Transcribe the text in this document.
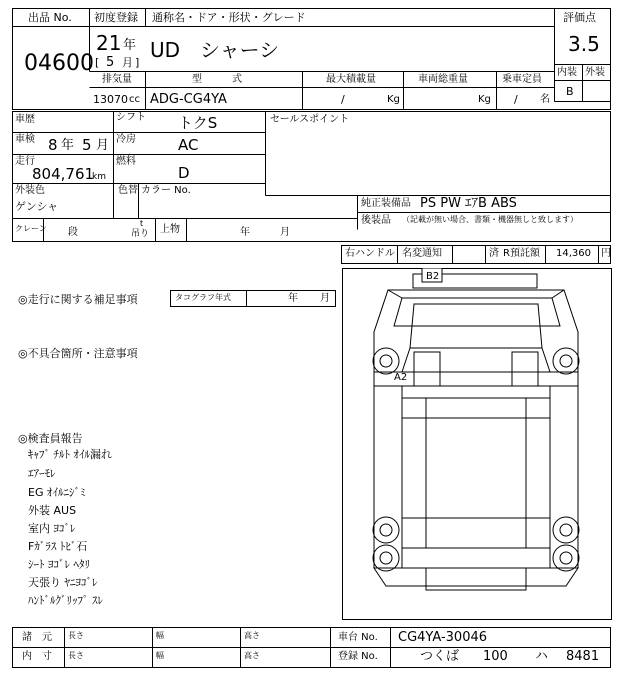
出品 No. 初度登録 通称名・ドア・形状・グレード	評価点
04600
21 年
[ 5 月 ]
UD　シャーシ	3.5
内装 外装
B
排気量	型　　　式	最大積載量	車両総重量	乗車定員
13070 cc ADG-CG4YA	/	Kg	Kg / 名
車歴	シフト トクS	セールスポイント
車検 8 年 5 月 冷房	AC
走行
804,761
km
燃料
D
外装色
ゲンシャ
色替 カラー No.
純正装備品 PS PW ｴｱB ABS
後装品 （記載が無い場合、書類・機器無しと致します）
クレーン 段
t
吊り 上物	年	月
右ハンドル 名変通知	済 R預託額 14,360 円
タコグラフ年式	年 月
◎走行に関する補足事項
◎不具合箇所・注意事項
◎検査員報告
ｷｬﾌﾞ ﾁﾙﾄ ｵｲﾙ漏れ
ｴｱｰﾓﾚ
EG ｵｲﾙﾆｼﾞﾐ
外装 AUS
室内 ﾖｺﾞﾚ
Fｶﾞﾗｽ ﾄﾋﾞ石
ｼｰﾄ ﾖｺﾞﾚ ﾍﾀﾘ
天張り ﾔﾆﾖｺﾞﾚ
ﾊﾝﾄﾞﾙｸﾞﾘｯﾌﾟ ｽﾚ
B2
A2
諸　元
内　寸
長さ	幅	高さ
長さ	幅	高さ
車台 No. CG4YA-30046
登録 No.	つくば 100 ハ 8481
